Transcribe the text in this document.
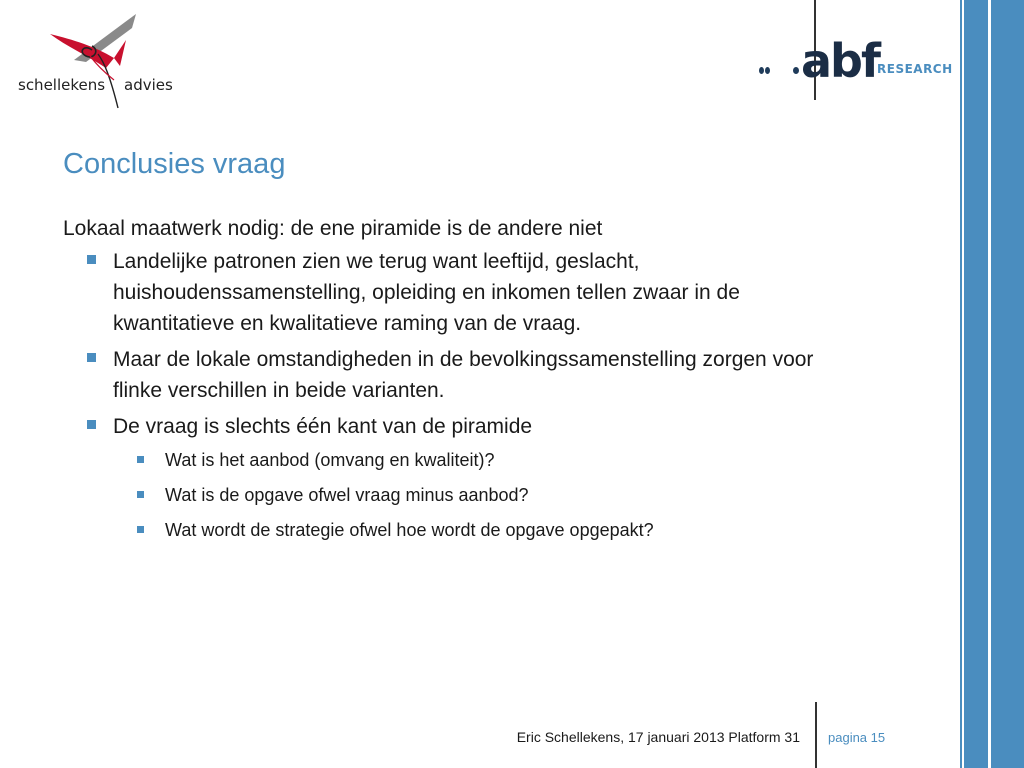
schellekens advies	abf
RESEARCH
Conclusies vraag

Lokaal maatwerk nodig: de ene piramide is de andere niet

Landelijke patronen zien we terug want leeftijd, geslacht, huishoudenssamenstelling, opleiding en inkomen tellen zwaar in de kwantitatieve en kwalitatieve raming van de vraag.
Maar de lokale omstandigheden in de bevolkingssamenstelling zorgen voor flinke verschillen in beide varianten.
De vraag is slechts één kant van de piramide
Wat is het aanbod (omvang en kwaliteit)?
Wat is de opgave ofwel vraag minus aanbod?
Wat wordt de strategie ofwel hoe wordt de opgave opgepakt?
Eric Schellekens, 17 januari 2013 Platform 31 pagina 15
